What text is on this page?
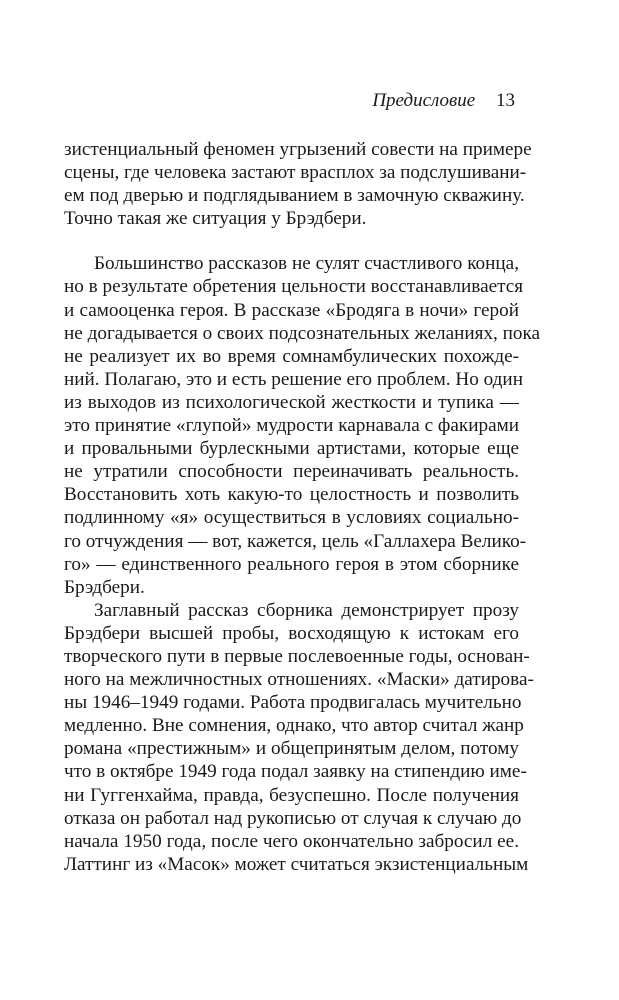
Предисловие 13
зистенциальный феномен угрызений совести на примере
сцены, где человека застают врасплох за подслушивани-
ем под дверью и подглядыванием в замочную скважину.
Точно такая же ситуация у Брэдбери.
Большинство рассказов не сулят счастливого конца,
но в результате обретения цельности восстанавливается
и самооценка героя. В рассказе «Бродяга в ночи» герой
не догадывается о своих подсознательных желаниях, пока
не реализует их во время сомнамбулических похожде-
ний. Полагаю, это и есть решение его проблем. Но один
из выходов из психологической жесткости и тупика —
это принятие «глупой» мудрости карнавала с факирами
и провальными бурлескными артистами, которые еще
не утратили способности переиначивать реальность.
Восстановить хоть какую-то целостность и позволить
подлинному «я» осуществиться в условиях социально-
го отчуждения — вот, кажется, цель «Галлахера Велико-
го» — единственного реального героя в этом сборнике
Брэдбери.
Заглавный рассказ сборника демонстрирует прозу
Брэдбери высшей пробы, восходящую к истокам его
творческого пути в первые послевоенные годы, основан-
ного на межличностных отношениях. «Маски» датирова-
ны 1946–1949 годами. Работа продвигалась мучительно
медленно. Вне сомнения, однако, что автор считал жанр
романа «престижным» и общепринятым делом, потому
что в октябре 1949 года подал заявку на стипендию име-
ни Гуггенхайма, правда, безуспешно. После получения
отказа он работал над рукописью от случая к случаю до
начала 1950 года, после чего окончательно забросил ее.
Латтинг из «Масок» может считаться экзистенциальным
